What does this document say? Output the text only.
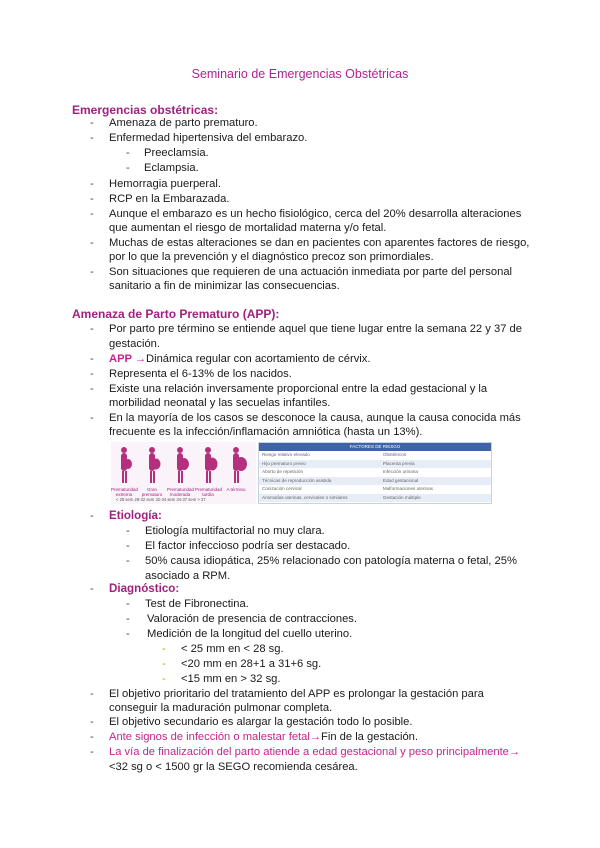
Seminario de Emergencias Obstétricas
Emergencias obstétricas:
- Amenaza de parto prematuro.
- Enfermedad hipertensiva del embarazo.
- Preeclamsia.
- Eclampsia.
- Hemorragia puerperal.
- RCP en la Embarazada.
- Aunque el embarazo es un hecho fisiológico, cerca del 20% desarrolla alteraciones
que aumentan el riesgo de mortalidad materna y/o fetal.
- Muchas de estas alteraciones se dan en pacientes con aparentes factores de riesgo,
por lo que la prevención y el diagnóstico precoz son primordiales.
- Son situaciones que requieren de una actuación inmediata por parte del personal
sanitario a fin de minimizar las consecuencias.
Amenaza de Parto Prematuro (APP):
- Por parto pre término se entiende aquel que tiene lugar entre la semana 22 y 37 de
gestación.
- APP → Dinámica regular con acortamiento de cérvix.
- Representa el 6-13% de los nacidos.
- Existe una relación inversamente proporcional entre la edad gestacional y la
morbilidad neonatal y las secuelas infantiles.
- En la mayoría de los casos se desconoce la causa, aunque la causa conocida más
frecuente es la infección/inflamación amniótica (hasta un 13%).
Prematuridad extrema
Gran prematuro
Prematuridad moderada
Prematuridad tardía
A término
< 28 sem 28-32 sem 32-34 sem 34-37 sem > 37
FACTORES DE RIESGO
Riesgo relativo elevado	Obstétricos
Hijo prematuro previo	Placenta previa
Aborto de repetición	Infección urinaria
Técnicas de reproducción asistida	Edad gestacional
Conización cervical	Malformaciones uterinas
Anomalías uterinas, cervicales o similares	Gestación múltiple
- Etiología:
- Etiología multifactorial no muy clara.
- El factor infeccioso podría ser destacado.
- 50% causa idiopática, 25% relacionado con patología materna o fetal, 25%
asociado a RPM.
- Diagnóstico:
- Test de Fibronectina.
- Valoración de presencia de contracciones.
- Medición de la longitud del cuello uterino.
- < 25 mm en < 28 sg.
- <20 mm en 28+1 a 31+6 sg.
- <15 mm en > 32 sg.
- El objetivo prioritario del tratamiento del APP es prolongar la gestación para
conseguir la maduración pulmonar completa.
- El objetivo secundario es alargar la gestación todo lo posible.
- Ante signos de infección o malestar fetal→ Fin de la gestación.
- La vía de finalización del parto atiende a edad gestacional y peso principalmente→
<32 sg o < 1500 gr la SEGO recomienda cesárea.
